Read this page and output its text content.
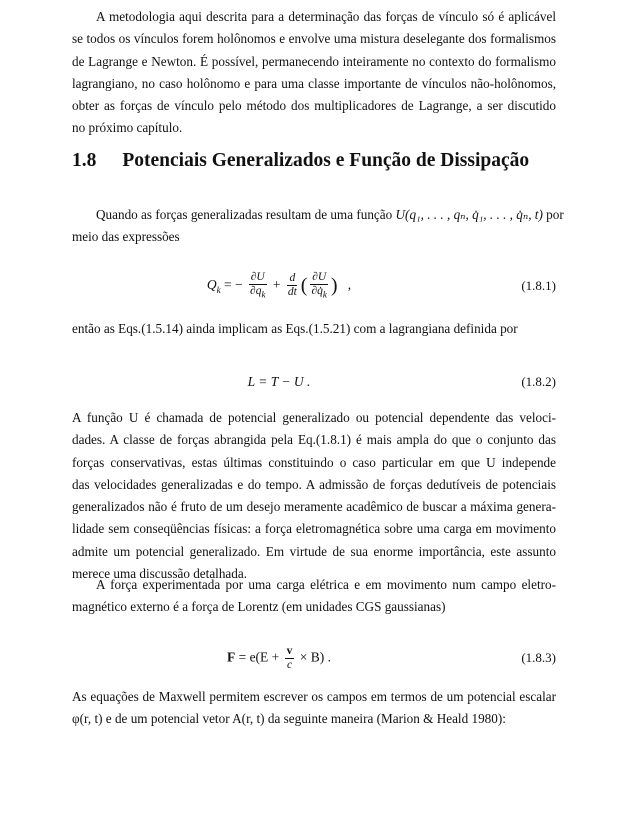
A metodologia aqui descrita para a determinação das forças de vínculo só é aplicável
se todos os vínculos forem holônomos e envolve uma mistura deselegante dos formalismos
de Lagrange e Newton. É possível, permanecendo inteiramente no contexto do formalismo
lagrangiano, no caso holônomo e para uma classe importante de vínculos não-holônomos,
obter as forças de vínculo pelo método dos multiplicadores de Lagrange, a ser discutido
no próximo capítulo.

1.8 Potenciais Generalizados e Função de Dissipação

Quando as forças generalizadas resultam de uma função U(q₁, . . . , qₙ, q̇₁, . . . , q̇ₙ, t) por
meio das expressões

$Q_k$ = − $\frac{\partial U}{\partial q_k} + \frac{d}{dt}$ ( $\frac{\partial U}{\partial q̇_k}$ ) ,	(1.8.1)

então as Eqs.(1.5.14) ainda implicam as Eqs.(1.5.21) com a lagrangiana definida por

L = T − U .	(1.8.2)

A função U é chamada de potencial generalizado ou potencial dependente das veloci-
dades. A classe de forças abrangida pela Eq.(1.8.1) é mais ampla do que o conjunto das
forças conservativas, estas últimas constituindo o caso particular em que U independe
das velocidades generalizadas e do tempo. A admissão de forças dedutíveis de potenciais
generalizados não é fruto de um desejo meramente acadêmico de buscar a máxima genera-
lidade sem conseqüências físicas: a força eletromagnética sobre uma carga em movimento
admite um potencial generalizado. Em virtude de sua enorme importância, este assunto
merece uma discussão detalhada.

A força experimentada por uma carga elétrica e em movimento num campo eletro-
magnético externo é a força de Lorentz (em unidades CGS gaussianas)

$F = e(E + \frac{v}{c} \times B)$ .	(1.8.3)

As equações de Maxwell permitem escrever os campos em termos de um potencial escalar
φ(r, t) e de um potencial vetor A(r, t) da seguinte maneira (Marion & Heald 1980):
